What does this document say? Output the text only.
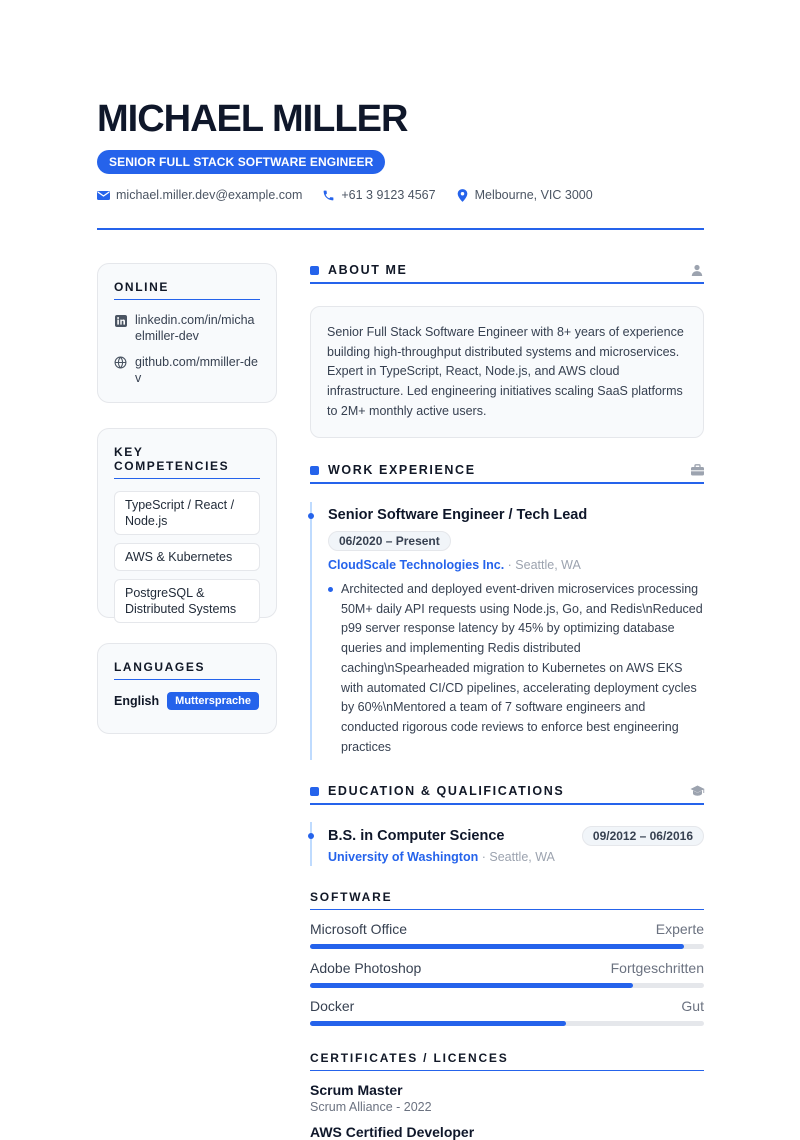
MICHAEL MILLER
SENIOR FULL STACK SOFTWARE ENGINEER
michael.miller.dev@example.com	+61 3 9123 4567	Melbourne, VIC 3000
ONLINE
linkedin.com/in/michaelmiller-dev
github.com/mmiller-dev
KEY COMPETENCIES
TypeScript / React / Node.js
AWS & Kubernetes
PostgreSQL & Distributed Systems
LANGUAGES
English	Muttersprache
ABOUT ME
Senior Full Stack Software Engineer with 8+ years of experience building high-throughput distributed systems and microservices. Expert in TypeScript, React, Node.js, and AWS cloud infrastructure. Led engineering initiatives scaling SaaS platforms to 2M+ monthly active users.
WORK EXPERIENCE
Senior Software Engineer / Tech Lead
06/2020 – Present
CloudScale Technologies Inc. · Seattle, WA
Architected and deployed event-driven microservices processing 50M+ daily API requests using Node.js, Go, and Redis\nReduced p99 server response latency by 45% by optimizing database queries and implementing Redis distributed caching\nSpearheaded migration to Kubernetes on AWS EKS with automated CI/CD pipelines, accelerating deployment cycles by 60%\nMentored a team of 7 software engineers and conducted rigorous code reviews to enforce best engineering practices
EDUCATION & QUALIFICATIONS
B.S. in Computer Science	09/2012 – 06/2016
University of Washington · Seattle, WA
SOFTWARE
Microsoft Office	Experte
Adobe Photoshop	Fortgeschritten
Docker	Gut
CERTIFICATES / LICENCES
Scrum Master
Scrum Alliance - 2022
AWS Certified Developer
